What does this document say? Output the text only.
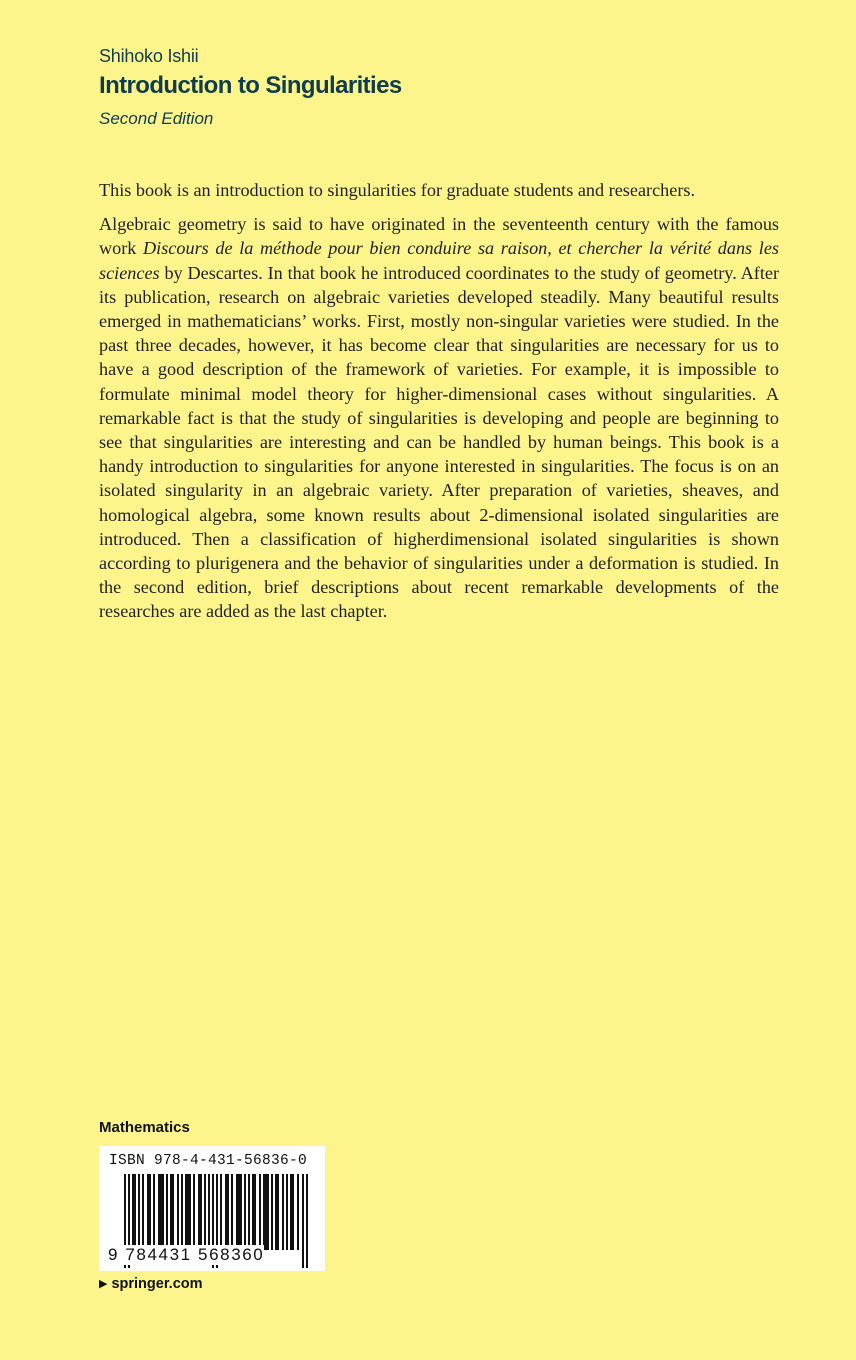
Shihoko Ishii
Introduction to Singularities
Second Edition

This book is an introduction to singularities for graduate students and researchers.

Algebraic geometry is said to have originated in the seventeenth century with the famous work Discours de la méthode pour bien conduire sa raison, et chercher la vérité dans les sciences by Descartes. In that book he introduced coordinates to the study of geometry. After its publication, research on algebraic varieties developed steadily. Many beautiful results emerged in mathematicians’ works. First, mostly non-singular varieties were studied. In the past three decades, however, it has become clear that singularities are necessary for us to have a good description of the framework of varieties. For example, it is impossible to formulate minimal model theory for higher-dimensional cases without singularities. A remarkable fact is that the study of singularities is developing and people are beginning to see that singularities are interesting and can be handled by human beings. This book is a handy introduction to singularities for anyone interested in singularities. The focus is on an isolated singularity in an algebraic variety. After preparation of varieties, sheaves, and homological algebra, some known results about 2-dimensional isolated singularities are introduced. Then a classification of higherdimensional isolated singularities is shown according to plurigenera and the behavior of singularities under a deformation is studied. In the second edition, brief descriptions about recent remarkable developments of the researches are added as the last chapter.

Mathematics
ISBN 978-4-431-56836-0
9 784431 568360
▶ springer.com
